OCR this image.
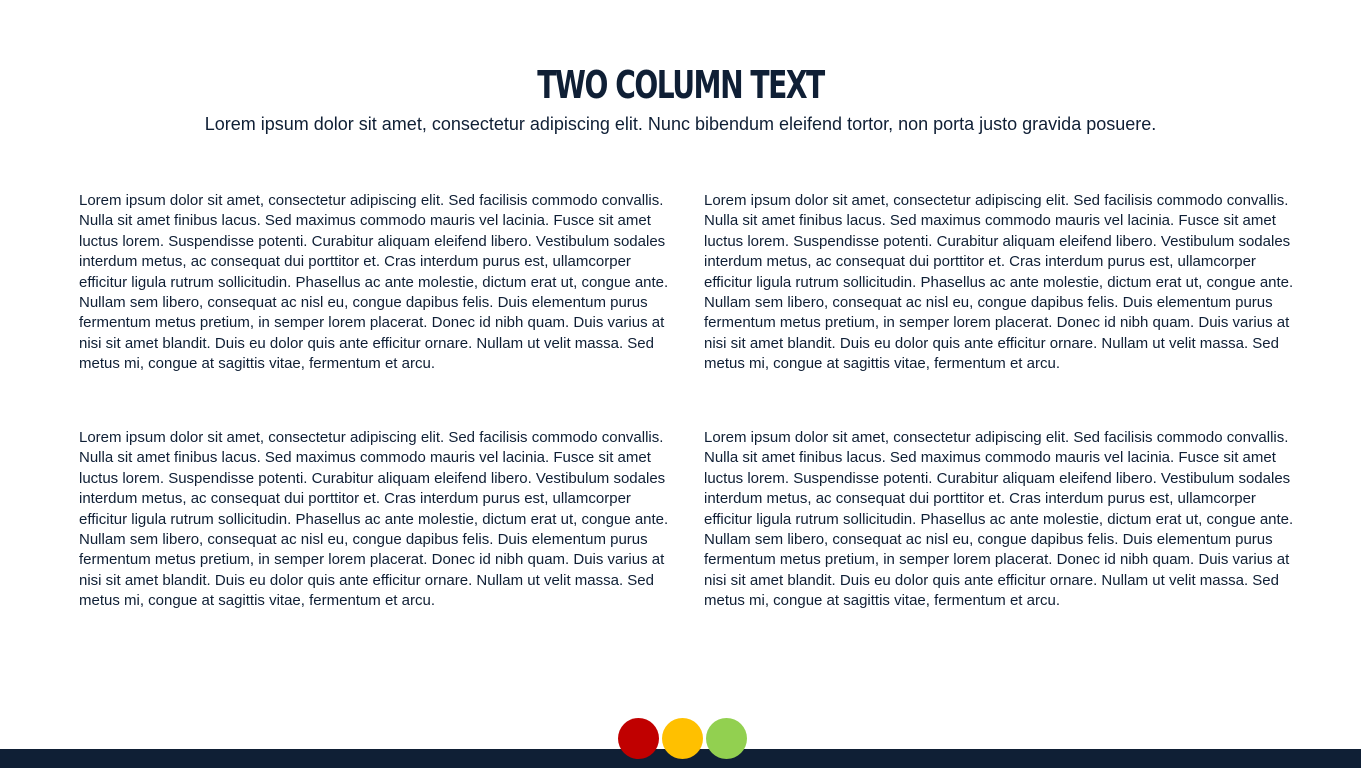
TWO COLUMN TEXT
Lorem ipsum dolor sit amet, consectetur adipiscing elit. Nunc bibendum eleifend tortor, non porta justo gravida posuere.
Lorem ipsum dolor sit amet, consectetur adipiscing elit. Sed facilisis commodo convallis. Nulla sit amet finibus lacus. Sed maximus commodo mauris vel lacinia. Fusce sit amet luctus lorem. Suspendisse potenti. Curabitur aliquam eleifend libero. Vestibulum sodales interdum metus, ac consequat dui porttitor et. Cras interdum purus est, ullamcorper efficitur ligula rutrum sollicitudin. Phasellus ac ante molestie, dictum erat ut, congue ante. Nullam sem libero, consequat ac nisl eu, congue dapibus felis. Duis elementum purus fermentum metus pretium, in semper lorem placerat. Donec id nibh quam. Duis varius at nisi sit amet blandit. Duis eu dolor quis ante efficitur ornare. Nullam ut velit massa. Sed metus mi, congue at sagittis vitae, fermentum et arcu.
Lorem ipsum dolor sit amet, consectetur adipiscing elit. Sed facilisis commodo convallis. Nulla sit amet finibus lacus. Sed maximus commodo mauris vel lacinia. Fusce sit amet luctus lorem. Suspendisse potenti. Curabitur aliquam eleifend libero. Vestibulum sodales interdum metus, ac consequat dui porttitor et. Cras interdum purus est, ullamcorper efficitur ligula rutrum sollicitudin. Phasellus ac ante molestie, dictum erat ut, congue ante. Nullam sem libero, consequat ac nisl eu, congue dapibus felis. Duis elementum purus fermentum metus pretium, in semper lorem placerat. Donec id nibh quam. Duis varius at nisi sit amet blandit. Duis eu dolor quis ante efficitur ornare. Nullam ut velit massa. Sed metus mi, congue at sagittis vitae, fermentum et arcu.
Lorem ipsum dolor sit amet, consectetur adipiscing elit. Sed facilisis commodo convallis. Nulla sit amet finibus lacus. Sed maximus commodo mauris vel lacinia. Fusce sit amet luctus lorem. Suspendisse potenti. Curabitur aliquam eleifend libero. Vestibulum sodales interdum metus, ac consequat dui porttitor et. Cras interdum purus est, ullamcorper efficitur ligula rutrum sollicitudin. Phasellus ac ante molestie, dictum erat ut, congue ante. Nullam sem libero, consequat ac nisl eu, congue dapibus felis. Duis elementum purus fermentum metus pretium, in semper lorem placerat. Donec id nibh quam. Duis varius at nisi sit amet blandit. Duis eu dolor quis ante efficitur ornare. Nullam ut velit massa. Sed metus mi, congue at sagittis vitae, fermentum et arcu.
Lorem ipsum dolor sit amet, consectetur adipiscing elit. Sed facilisis commodo convallis. Nulla sit amet finibus lacus. Sed maximus commodo mauris vel lacinia. Fusce sit amet luctus lorem. Suspendisse potenti. Curabitur aliquam eleifend libero. Vestibulum sodales interdum metus, ac consequat dui porttitor et. Cras interdum purus est, ullamcorper efficitur ligula rutrum sollicitudin. Phasellus ac ante molestie, dictum erat ut, congue ante. Nullam sem libero, consequat ac nisl eu, congue dapibus felis. Duis elementum purus fermentum metus pretium, in semper lorem placerat. Donec id nibh quam. Duis varius at nisi sit amet blandit. Duis eu dolor quis ante efficitur ornare. Nullam ut velit massa. Sed metus mi, congue at sagittis vitae, fermentum et arcu.
